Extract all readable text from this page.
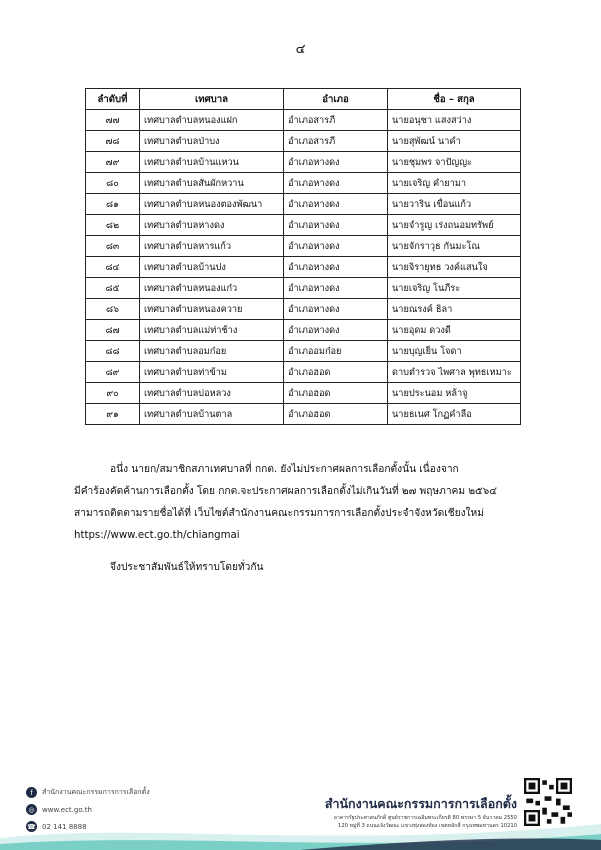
๔
ลำดับที่	เทศบาล	อำเภอ	ชื่อ – สกุล
๗๗	เทศบาลตำบลหนองแฝก	อำเภอสารภี	นายอนุชา แสงสว่าง
๗๘	เทศบาลตำบลป่าบง	อำเภอสารภี	นายสุพัฒน์ นาคำ
๗๙	เทศบาลตำบลบ้านแหวน	อำเภอหางดง	นายชุมพร จาปัญญะ
๘๐	เทศบาลตำบลสันผักหวาน	อำเภอหางดง	นายเจริญ คำยามา
๘๑	เทศบาลตำบลหนองตองพัฒนา	อำเภอหางดง	นายวาริน เขื่อนแก้ว
๘๒	เทศบาลตำบลหางดง	อำเภอหางดง	นายจำรูญ เร่งถนอมทรัพย์
๘๓	เทศบาลตำบลหารแก้ว	อำเภอหางดง	นายจักราวุธ กันมะโณ
๘๔	เทศบาลตำบลบ้านปง	อำเภอหางดง	นายจิรายุทธ วงค์แสนใจ
๘๕	เทศบาลตำบลหนองแก๋ว	อำเภอหางดง	นายเจริญ โนภีระ
๘๖	เทศบาลตำบลหนองควาย	อำเภอหางดง	นายณรงค์ ธิลา
๘๗	เทศบาลตำบลแม่ท่าช้าง	อำเภอหางดง	นายอุดม ดวงดี
๘๘	เทศบาลตำบลอมก๋อย	อำเภออมก๋อย	นายบุญเย็น โจดา
๘๙	เทศบาลตำบลท่าข้าม	อำเภอฮอด	ดาบตำรวจ ไพศาล พุทธเหมาะ
๙๐	เทศบาลตำบลบ่อหลวง	อำเภอฮอด	นายประนอม หล้าจู
๙๑	เทศบาลตำบลบ้านตาล	อำเภอฮอด	นายธเนศ โกฏคำลือ

อนึ่ง นายก/สมาชิกสภาเทศบาลที่ กกต. ยังไม่ประกาศผลการเลือกตั้งนั้น เนื่องจาก

มีคำร้องคัดค้านการเลือกตั้ง โดย กกต.จะประกาศผลการเลือกตั้งไม่เกินวันที่ ๒๗ พฤษภาคม ๒๕๖๔

สามารถติดตามรายชื่อได้ที่ เว็บไซต์สำนักงานคณะกรรมการการเลือกตั้งประจำจังหวัดเชียงใหม่

https://www.ect.go.th/chiangmai

จึงประชาสัมพันธ์ให้ทราบโดยทั่วกัน

f	สำนักงานคณะกรรมการการเลือกตั้ง
◎	www.ect.go.th
☎ 02 141 8888
สำนักงานคณะกรรมการการเลือกตั้ง
อาคารรัฐประศาสนภักดี ศูนย์ราชการเฉลิมพระเกียรติ 80 พรรษา 5 ธันวาคม 2550
120 หมู่ที่ 3 ถนนแจ้งวัฒนะ แขวงทุ่งสองห้อง เขตหลักสี่ กรุงเทพมหานคร 10210
